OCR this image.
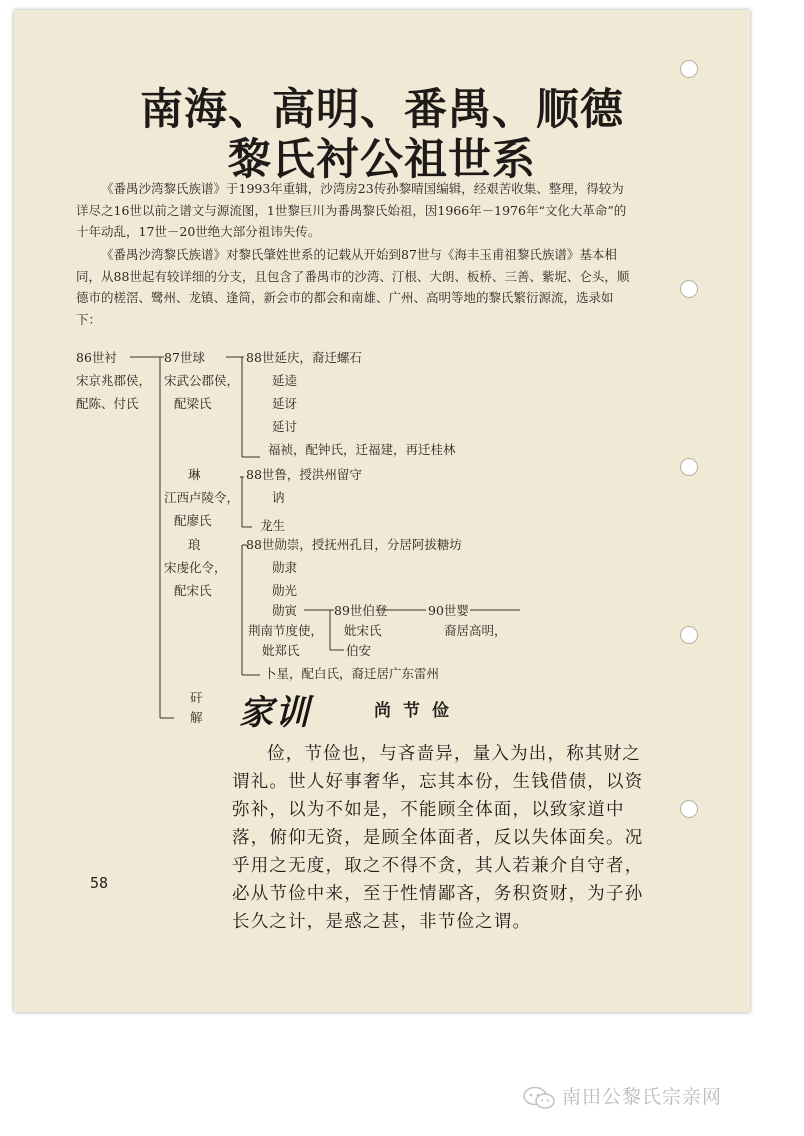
南海、高明、番禺、顺德
黎氏衬公祖世系

《番禺沙湾黎氏族谱》于1993年重辑，沙湾房23传孙黎晴国编辑，经艰苦收集、整理，得较为详尽之16世以前之谱文与源流图，1世黎巨川为番禺黎氏始祖，因1966年－1976年“文化大革命”的十年动乱，17世－20世绝大部分祖讳失传。

《番禺沙湾黎氏族谱》对黎氏肇姓世系的记载从开始到87世与《海丰玉甫祖黎氏族谱》基本相同，从88世起有较详细的分支，且包含了番禺市的沙湾、汀根、大朗、板桥、三善、紫坭、仑头，顺德市的槎滘、鹭州、龙镇、逢简，新会市的都会和南雄、广州、高明等地的黎氏繁衍源流，选录如下：

86世衬
宋京兆郡侯，
配陈、付氏
87世球
宋武公郡侯，
配梁氏
88世延庆，裔迁螺石
延逵
延讶
延讨
福祯，配钟氏，迁福建，再迁桂林
琳
江西卢陵令，
配廖氏
88世鲁，授洪州留守
讷
龙生
琅
宋虔化令，
配宋氏
88世勋崇，授抚州孔目，分居阿拔糖坊
勋隶
勋光
勋寅
荆南节度使，
妣郑氏
卜星，配白氏，裔迁居广东雷州
89世伯登
妣宋氏
伯安
90世婴
裔居高明，
矸
解 家训	尚节俭

俭，节俭也，与吝啬异，量入为出，称其财之谓礼。世人好事奢华，忘其本份，生钱借债，以资弥补，以为不如是，不能顾全体面，以致家道中落，俯仰无资，是顾全体面者，反以失体面矣。况乎用之无度，取之不得不贪，其人若兼介自守者，必从节俭中来，至于性情鄙吝，务积资财，为子孙长久之计，是惑之甚，非节俭之谓。

58
南田公黎氏宗亲网
